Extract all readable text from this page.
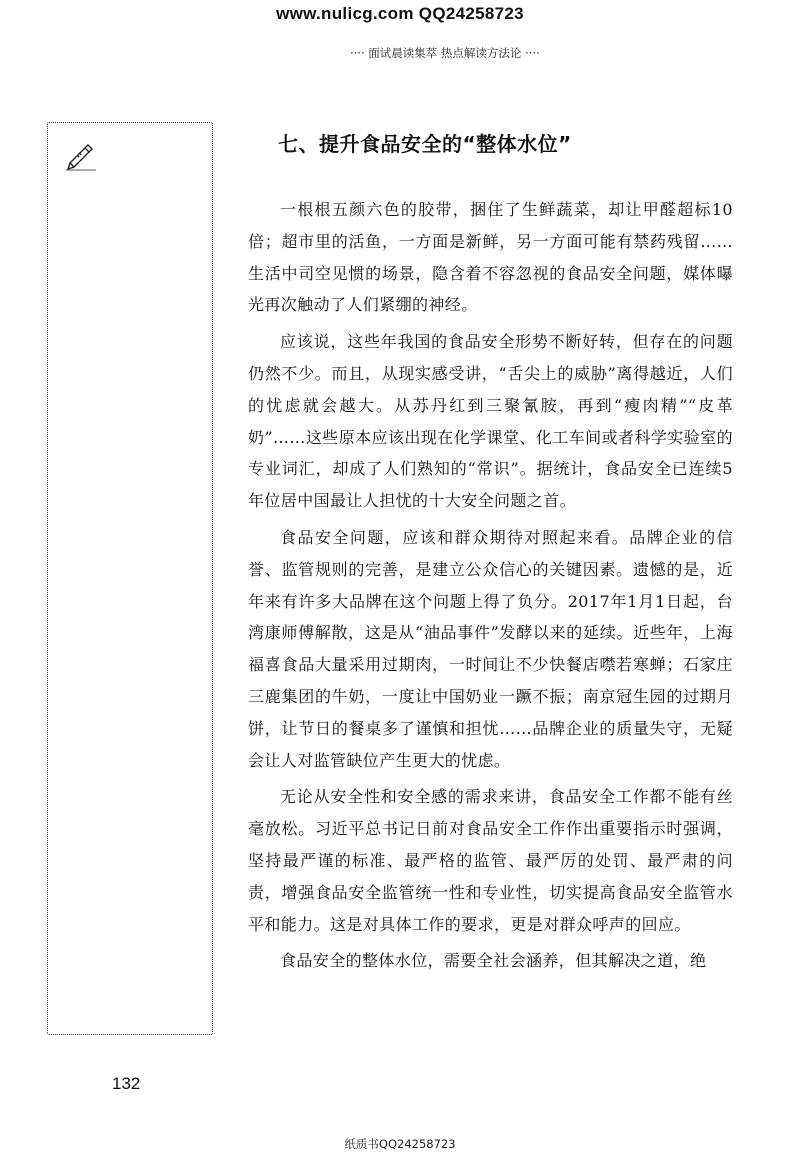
www.nulicg.com QQ24258723
···· 面试晨读集萃 热点解读方法论 ····
七、提升食品安全的“整体水位”

一根根五颜六色的胶带，捆住了生鲜蔬菜，却让甲醛超标10倍；超市里的活鱼，一方面是新鲜，另一方面可能有禁药残留……生活中司空见惯的场景，隐含着不容忽视的食品安全问题，媒体曝光再次触动了人们紧绷的神经。

应该说，这些年我国的食品安全形势不断好转，但存在的问题仍然不少。而且，从现实感受讲，“舌尖上的威胁”离得越近，人们的忧虑就会越大。从苏丹红到三聚氰胺，再到“瘦肉精”“皮革奶”……这些原本应该出现在化学课堂、化工车间或者科学实验室的专业词汇，却成了人们熟知的“常识”。据统计，食品安全已连续5年位居中国最让人担忧的十大安全问题之首。

食品安全问题，应该和群众期待对照起来看。品牌企业的信誉、监管规则的完善，是建立公众信心的关键因素。遗憾的是，近年来有许多大品牌在这个问题上得了负分。2017年1月1日起，台湾康师傅解散，这是从“油品事件”发酵以来的延续。近些年，上海福喜食品大量采用过期肉，一时间让不少快餐店噤若寒蝉；石家庄三鹿集团的牛奶，一度让中国奶业一蹶不振；南京冠生园的过期月饼，让节日的餐桌多了谨慎和担忧……品牌企业的质量失守，无疑会让人对监管缺位产生更大的忧虑。

无论从安全性和安全感的需求来讲，食品安全工作都不能有丝毫放松。习近平总书记日前对食品安全工作作出重要指示时强调，坚持最严谨的标准、最严格的监管、最严厉的处罚、最严肃的问责，增强食品安全监管统一性和专业性，切实提高食品安全监管水平和能力。这是对具体工作的要求，更是对群众呼声的回应。

食品安全的整体水位，需要全社会涵养，但其解决之道，绝

132
纸质书QQ24258723
